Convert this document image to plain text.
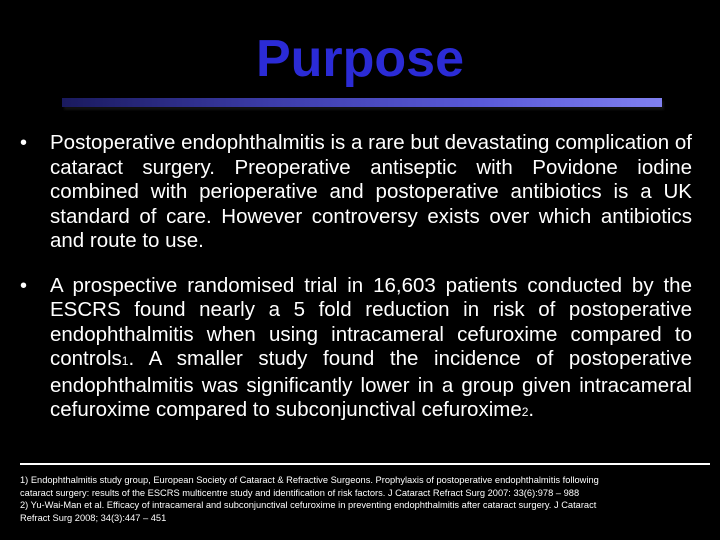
Purpose
•	Postoperative endophthalmitis is a rare but devastating complication of cataract surgery. Preoperative antiseptic with Povidone iodine combined with perioperative and postoperative antibiotics is a UK standard of care. However controversy exists over which antibiotics and route to use.
•	A prospective randomised trial in 16,603 patients conducted by the ESCRS found nearly a 5 fold reduction in risk of postoperative endophthalmitis when using intracameral cefuroxime compared to controls1. A smaller study found the incidence of postoperative endophthalmitis was significantly lower in a group given intracameral cefuroxime compared to subconjunctival cefuroxime2.
1) Endophthalmitis study group, European Society of Cataract & Refractive Surgeons. Prophylaxis of postoperative endophthalmitis following
cataract surgery: results of the ESCRS multicentre study and identification of risk factors. J Cataract Refract Surg 2007: 33(6):978 – 988
2) Yu-Wai-Man et al. Efficacy of intracameral and subconjunctival cefuroxime in preventing endophthalmitis after cataract surgery. J Cataract
Refract Surg 2008; 34(3):447 – 451
